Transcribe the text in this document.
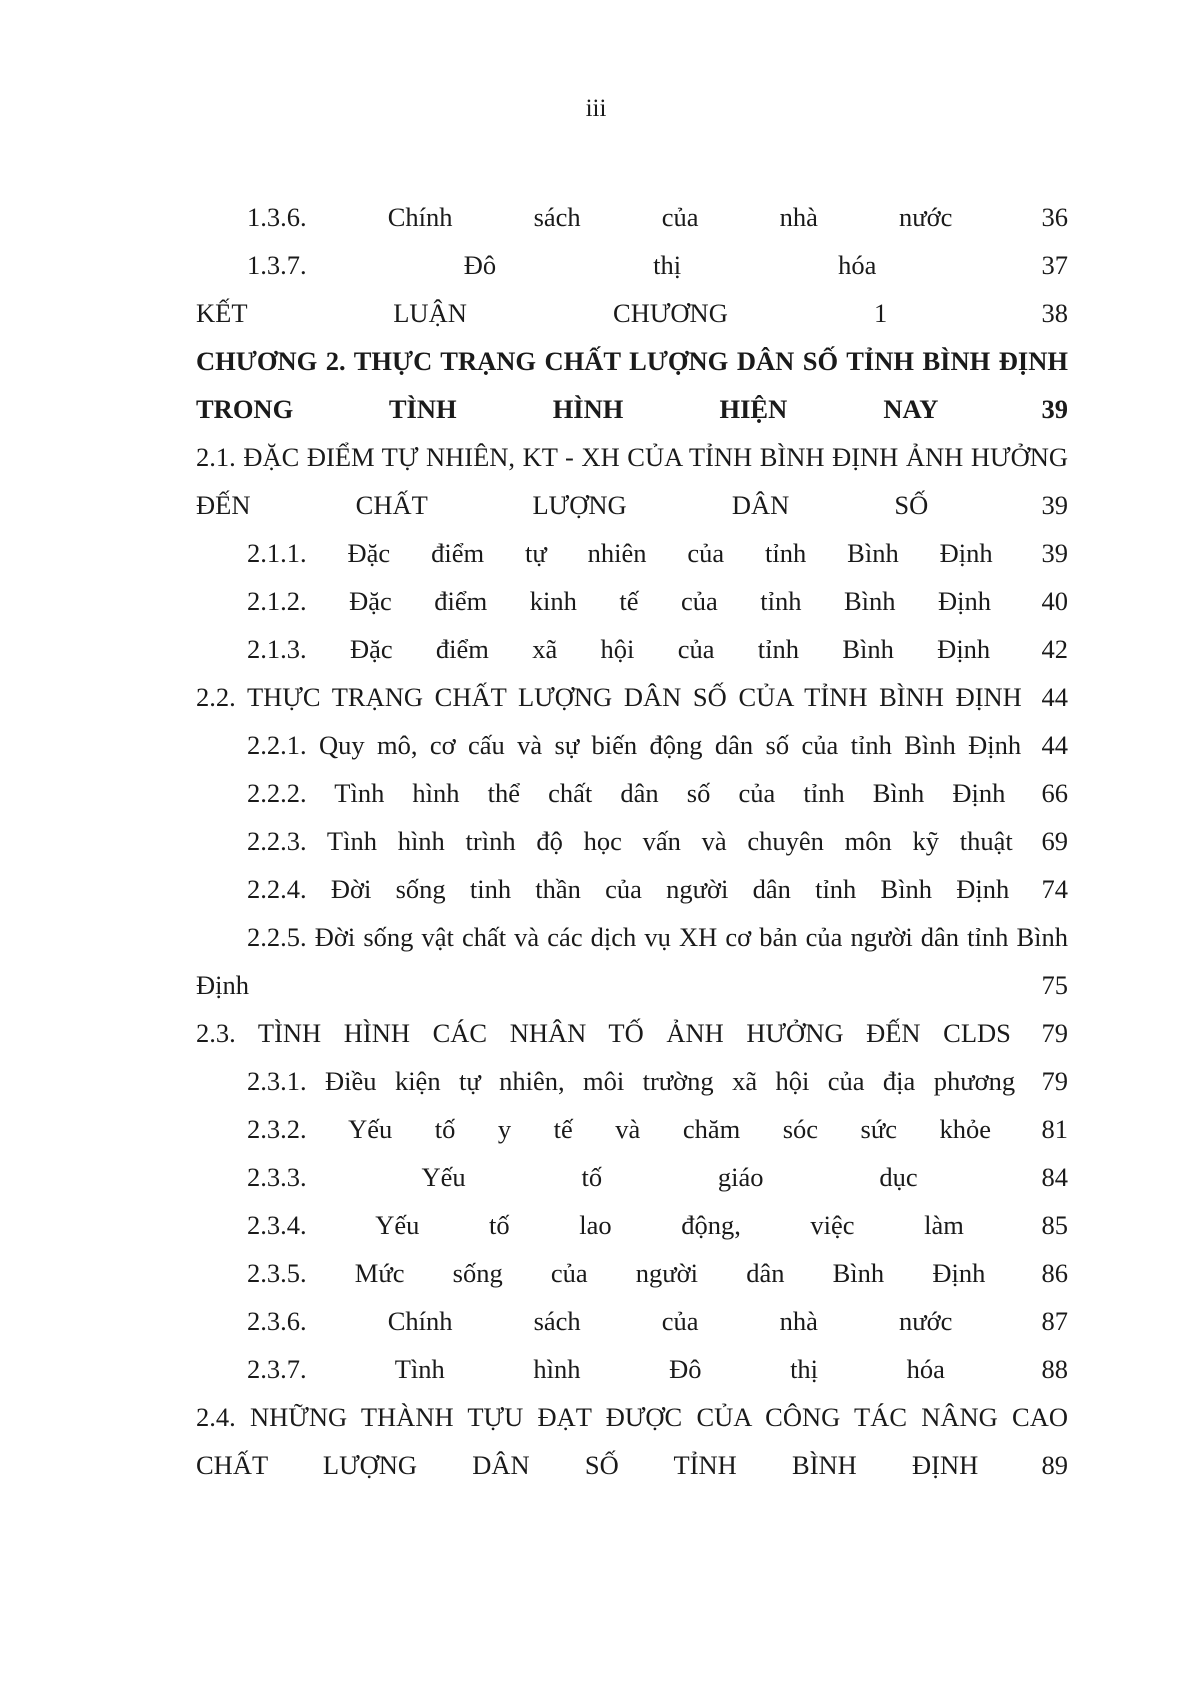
iii
1.3.6. Chính sách của nhà nước	36
1.3.7. Đô thị hóa	37
KẾT LUẬN CHƯƠNG 1	38
CHƯƠNG 2. THỰC TRẠNG CHẤT LƯỢNG DÂN SỐ TỈNH BÌNH ĐỊNH TRONG TÌNH HÌNH HIỆN NAY	39
2.1. ĐẶC ĐIỂM TỰ NHIÊN, KT - XH CỦA TỈNH BÌNH ĐỊNH ẢNH HƯỞNG ĐẾN CHẤT LƯỢNG DÂN SỐ	39
2.1.1. Đặc điểm tự nhiên của tỉnh Bình Định 39
2.1.2. Đặc điểm kinh tế của tỉnh Bình Định 40
2.1.3. Đặc điểm xã hội của tỉnh Bình Định 42
2.2. THỰC TRẠNG CHẤT LƯỢNG DÂN SỐ CỦA TỈNH BÌNH ĐỊNH 44
2.2.1. Quy mô, cơ cấu và sự biến động dân số của tỉnh Bình Định 44
2.2.2. Tình hình thể chất dân số của tỉnh Bình Định 66
2.2.3. Tình hình trình độ học vấn và chuyên môn kỹ thuật 69
2.2.4. Đời sống tinh thần của người dân tỉnh Bình Định 74
2.2.5. Đời sống vật chất và các dịch vụ XH cơ bản của người dân tỉnh Bình Định	75
2.3. TÌNH HÌNH CÁC NHÂN TỐ ẢNH HƯỞNG ĐẾN CLDS 79
2.3.1. Điều kiện tự nhiên, môi trường xã hội của địa phương 79
2.3.2. Yếu tố y tế và chăm sóc sức khỏe 81
2.3.3. Yếu tố giáo dục	84
2.3.4. Yếu tố lao động, việc làm	85
2.3.5. Mức sống của người dân Bình Định 86
2.3.6. Chính sách của nhà nước	87
2.3.7. Tình hình Đô thị hóa	88
2.4. NHỮNG THÀNH TỰU ĐẠT ĐƯỢC CỦA CÔNG TÁC NÂNG CAO CHẤT LƯỢNG DÂN SỐ TỈNH BÌNH ĐỊNH 89
